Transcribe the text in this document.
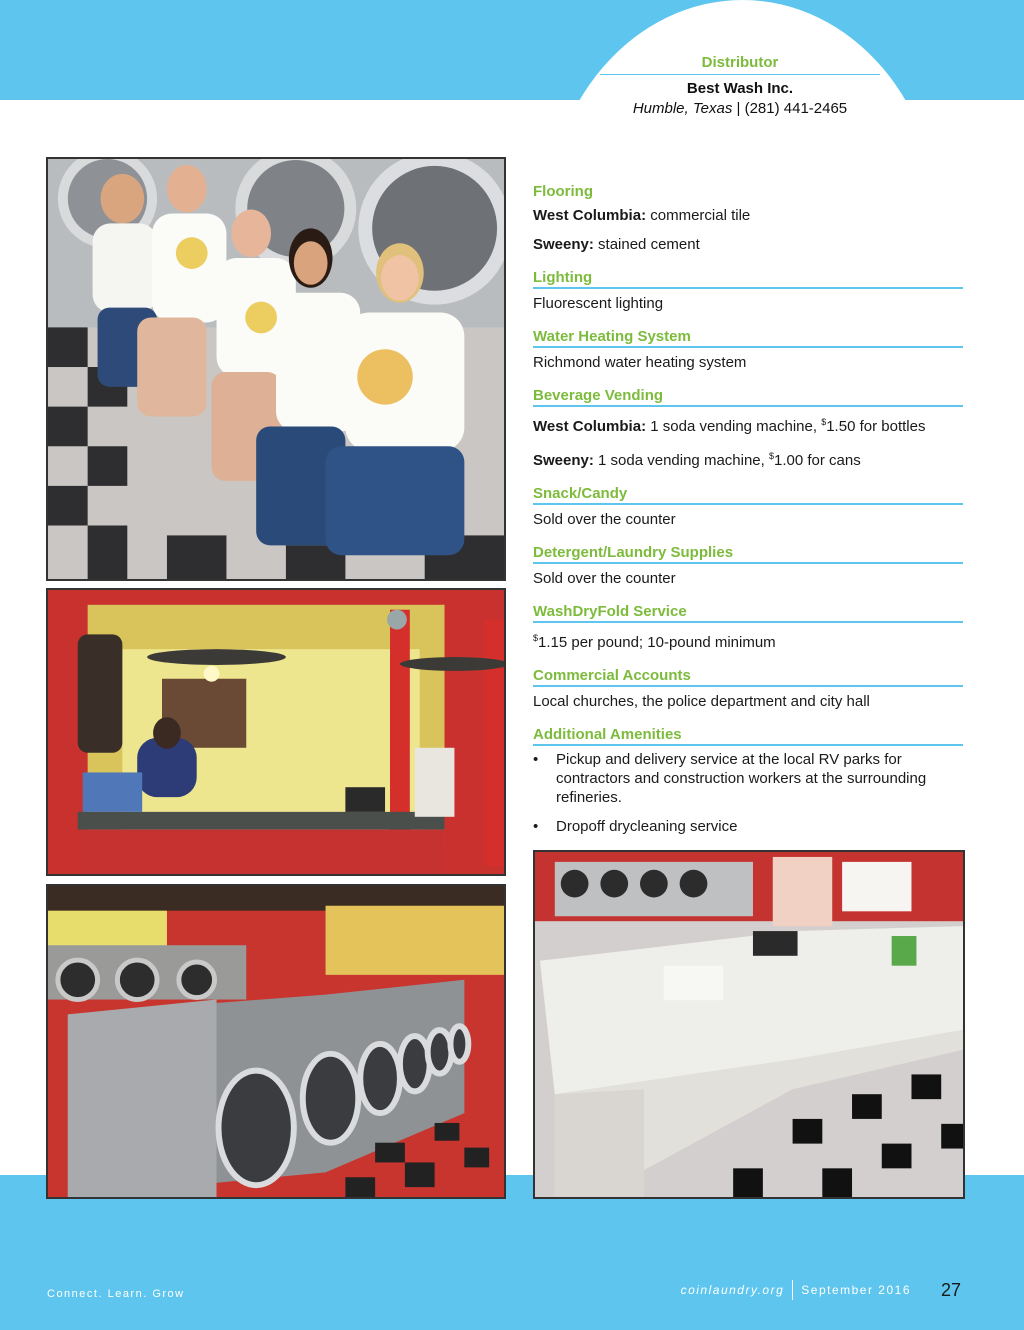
Distributor
Best Wash Inc.
Humble, Texas | (281) 441-2465
Flooring
West Columbia: commercial tile
Sweeny: stained cement
Lighting
Fluorescent lighting
Water Heating System
Richmond water heating system
Beverage Vending
West Columbia: 1 soda vending machine, $1.50 for bottles
Sweeny: 1 soda vending machine, $1.00 for cans
Snack/Candy
Sold over the counter
Detergent/Laundry Supplies
Sold over the counter
WashDryFold Service
$1.15 per pound; 10-pound minimum
Commercial Accounts
Local churches, the police department and city hall
Additional Amenities
• Pickup and delivery service at the local RV parks for contractors and construction workers at the surrounding refineries.
• Dropoff drycleaning service
Connect. Learn. Grow	coinlaundry.org September 2016 27
